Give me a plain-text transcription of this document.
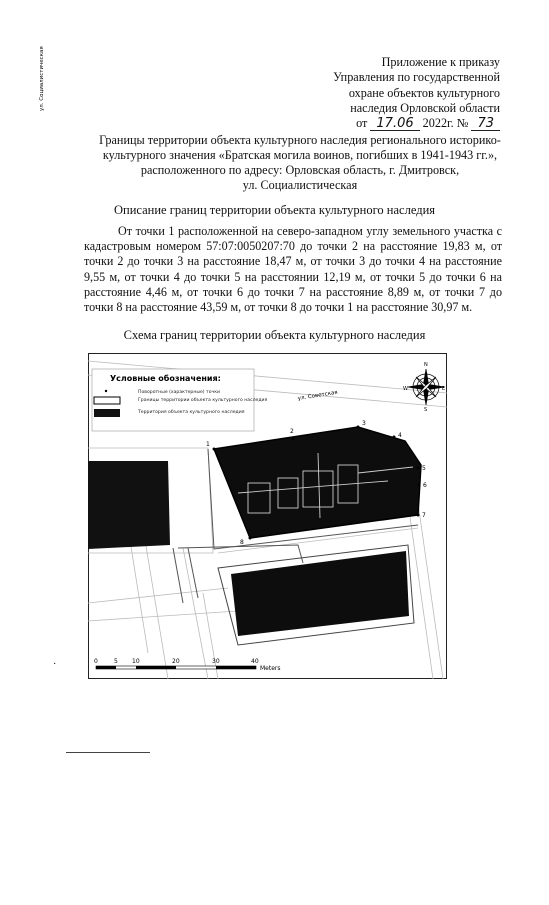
Приложение к приказу
Управления по государственной
охране объектов культурного
наследия Орловской области
от 17.06 2022г. № 73
Границы территории объекта культурного наследия регионального историко-
культурного значения «Братская могила воинов, погибших в 1941-1943 гг.»,
расположенного по адресу: Орловская область, г. Дмитровск,
ул. Социалистическая
Описание границ территории объекта культурного наследия

От точки 1 расположенной на северо-западном углу земельного участка с кадастровым номером 57:07:0050207:70 до точки 2 на расстояние 19,83 м, от точки 2 до точки 3 на расстояние 18,47 м, от точки 3 до точки 4 на расстояние 9,55 м, от точки 4 до точки 5 на расстоянии 12,19 м, от точки 5 до точки 6 на расстояние 4,46 м, от точки 6 до точки 7 на расстояние 8,89 м, от точки 7 до точки 8 на расстояние 43,59 м, от точки 8 до точки 1 на расстояние 30,97 м.

Схема границ территории объекта культурного наследия
1
2
3
4
5
6
7
8
ул. Советская
ул. Социалистическая
Условные обозначения:
Поворотные (характерные) точки
Границы территории объекта культурного наследия
Территория объекта культурного наследия
N
E
S
W
0	5 10	20	30	40
Meters
·
